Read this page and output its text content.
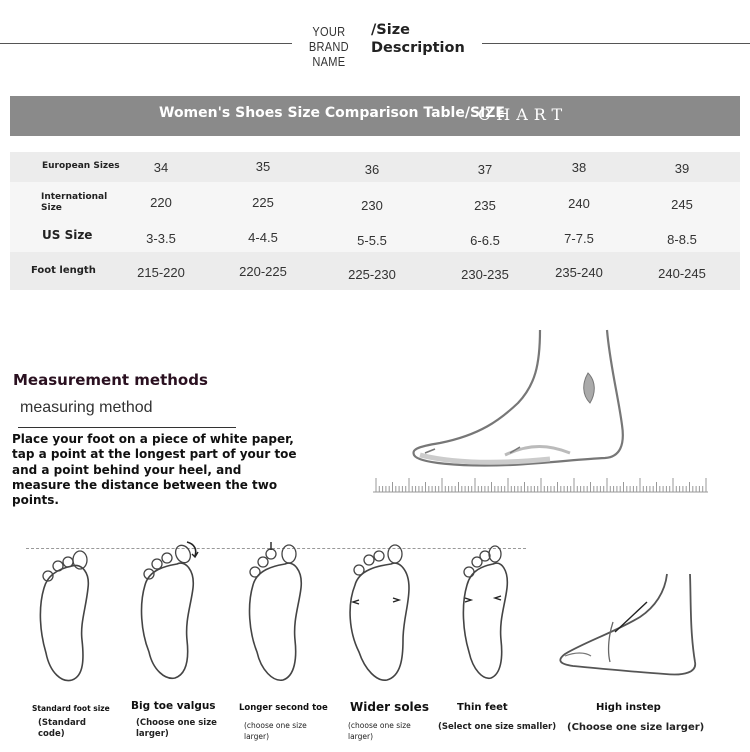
YOUR
BRAND NAME
/Size
Description
Women's Shoes Size Comparison Table/SIZE
CHART
European Sizes	34	35	36	37	38	39
International Size	220	225	230	235	240	245
US Size	3-3.5	4-4.5	5-5.5	6-6.5	7-7.5	8-8.5
Foot length	215-220	220-225	225-230	230-235	235-240	240-245
Measurement methods
measuring method
Place your foot on a piece of white paper, tap a point at the longest part of your toe and a point behind your heel, and measure the distance between the two points.
Standard foot size
(Standard code)
Big toe valgus
(Choose one size larger)
Longer second toe
(choose one size larger)
Wider soles
(choose one size larger)
Thin feet
(Select one size smaller)
High instep
(Choose one size larger)
